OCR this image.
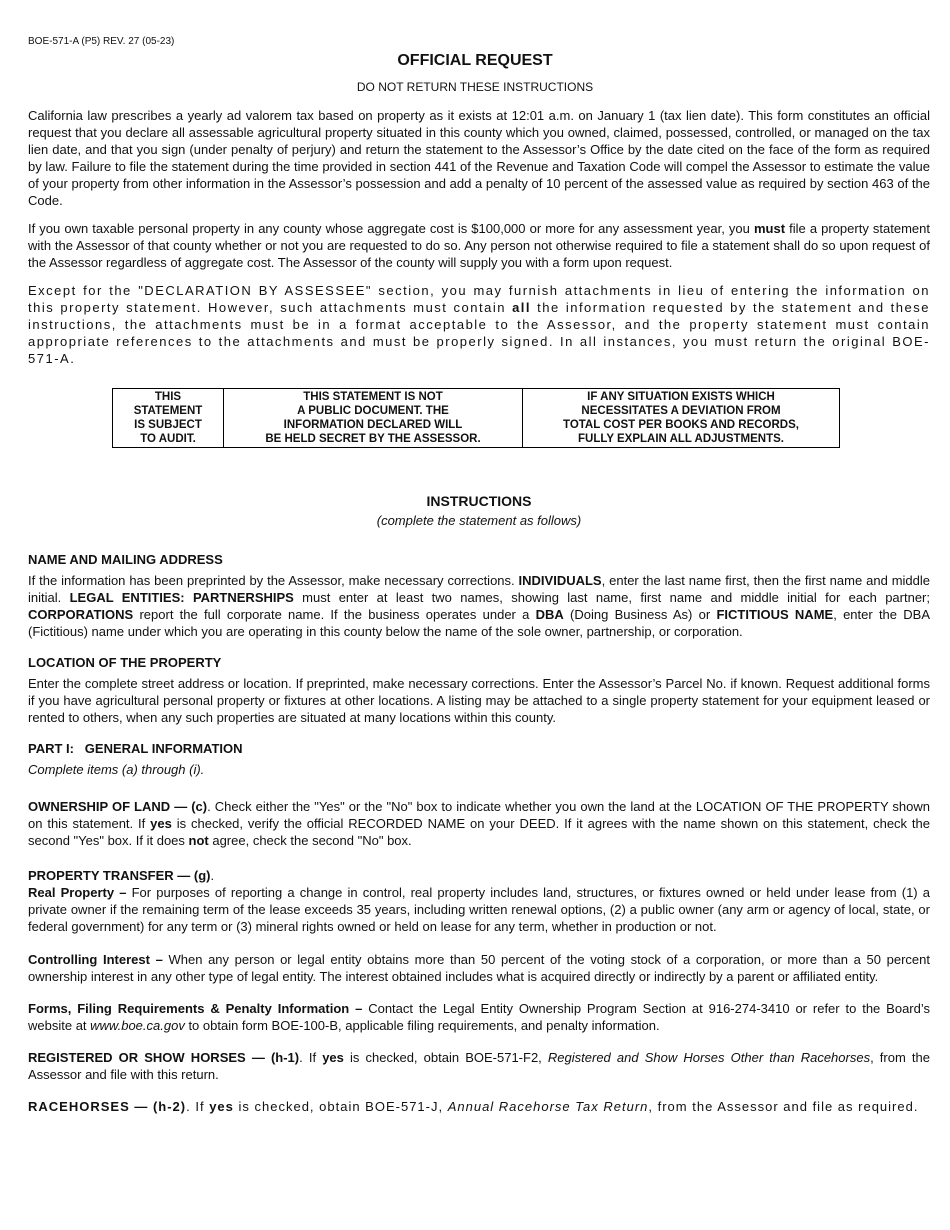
BOE-571-A (P5) REV. 27 (05-23)
OFFICIAL REQUEST
DO NOT RETURN THESE INSTRUCTIONS

California law prescribes a yearly ad valorem tax based on property as it exists at 12:01 a.m. on January 1 (tax lien date). This form constitutes an official request that you declare all assessable agricultural property situated in this county which you owned, claimed, possessed, controlled, or managed on the tax lien date, and that you sign (under penalty of perjury) and return the statement to the Assessor’s Office by the date cited on the face of the form as required by law. Failure to file the statement during the time provided in section 441 of the Revenue and Taxation Code will compel the Assessor to estimate the value of your property from other information in the Assessor’s possession and add a penalty of 10 percent of the assessed value as required by section 463 of the Code.

If you own taxable personal property in any county whose aggregate cost is $100,000 or more for any assessment year, you must file a property statement with the Assessor of that county whether or not you are requested to do so. Any person not otherwise required to file a statement shall do so upon request of the Assessor regardless of aggregate cost. The Assessor of the county will supply you with a form upon request.

Except for the "DECLARATION BY ASSESSEE" section, you may furnish attachments in lieu of entering the information on this property statement. However, such attachments must contain all the information requested by the statement and these instructions, the attachments must be in a format acceptable to the Assessor, and the property statement must contain appropriate references to the attachments and must be properly signed. In all instances, you must return the original BOE-571-A.

THIS
STATEMENT
IS SUBJECT
TO AUDIT.
THIS STATEMENT IS NOT
A PUBLIC DOCUMENT. THE
INFORMATION DECLARED WILL
BE HELD SECRET BY THE ASSESSOR.
IF ANY SITUATION EXISTS WHICH
NECESSITATES A DEVIATION FROM
TOTAL COST PER BOOKS AND RECORDS,
FULLY EXPLAIN ALL ADJUSTMENTS.
INSTRUCTIONS
(complete the statement as follows)
NAME AND MAILING ADDRESS

If the information has been preprinted by the Assessor, make necessary corrections. INDIVIDUALS, enter the last name first, then the first name and middle initial. LEGAL ENTITIES: PARTNERSHIPS must enter at least two names, showing last name, first name and middle initial for each partner; CORPORATIONS report the full corporate name. If the business operates under a DBA (Doing Business As) or FICTITIOUS NAME, enter the DBA (Fictitious) name under which you are operating in this county below the name of the sole owner, partnership, or corporation.

LOCATION OF THE PROPERTY

Enter the complete street address or location. If preprinted, make necessary corrections. Enter the Assessor’s Parcel No. if known. Request additional forms if you have agricultural personal property or fixtures at other locations. A listing may be attached to a single property statement for your equipment leased or rented to others, when any such properties are situated at many locations within this county.

PART I:   GENERAL INFORMATION
Complete items (a) through (i).

OWNERSHIP OF LAND — (c). Check either the "Yes" or the "No" box to indicate whether you own the land at the LOCATION OF THE PROPERTY shown on this statement. If yes is checked, verify the official RECORDED NAME on your DEED. If it agrees with the name shown on this statement, check the second "Yes" box. If it does not agree, check the second "No" box.

PROPERTY TRANSFER — (g).

Real Property – For purposes of reporting a change in control, real property includes land, structures, or fixtures owned or held under lease from (1) a private owner if the remaining term of the lease exceeds 35 years, including written renewal options, (2) a public owner (any arm or agency of local, state, or federal government) for any term or (3) mineral rights owned or held on lease for any term, whether in production or not.

Controlling Interest – When any person or legal entity obtains more than 50 percent of the voting stock of a corporation, or more than a 50 percent ownership interest in any other type of legal entity. The interest obtained includes what is acquired directly or indirectly by a parent or affiliated entity.

Forms, Filing Requirements & Penalty Information – Contact the Legal Entity Ownership Program Section at 916-274-3410 or refer to the Board’s website at www.boe.ca.gov to obtain form BOE-100-B, applicable filing requirements, and penalty information.

REGISTERED OR SHOW HORSES — (h-1). If yes is checked, obtain BOE-571-F2, Registered and Show Horses Other than Racehorses, from the Assessor and file with this return.

RACEHORSES — (h-2). If yes is checked, obtain BOE-571-J, Annual Racehorse Tax Return, from the Assessor and file as required.
